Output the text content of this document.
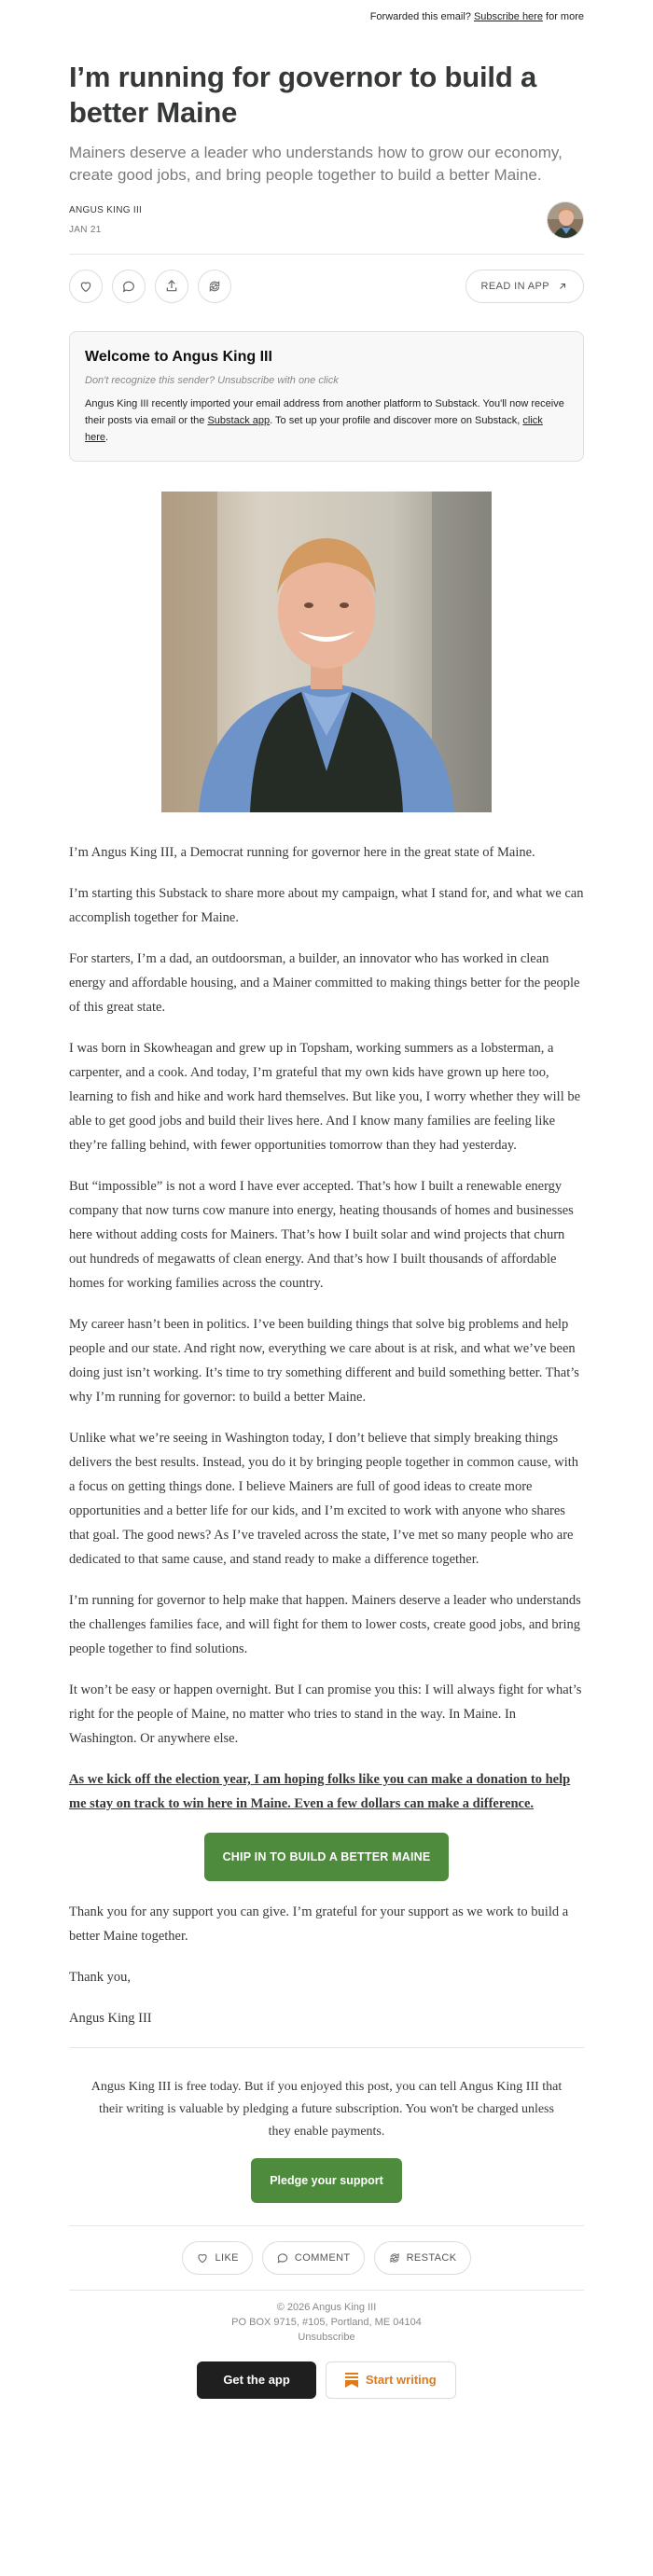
Forwarded this email? Subscribe here for more
I’m running for governor to build a better Maine
Mainers deserve a leader who understands how to grow our economy, create good jobs, and bring people together to build a better Maine.
ANGUS KING III
JAN 21
READ IN APP
Welcome to Angus King III
Don't recognize this sender? Unsubscribe with one click
Angus King III recently imported your email address from another platform to Substack. You'll now receive their posts via email or the Substack app. To set up your profile and discover more on Substack, click here.

I’m Angus King III, a Democrat running for governor here in the great state of Maine.

I’m starting this Substack to share more about my campaign, what I stand for, and what we can accomplish together for Maine.

For starters, I’m a dad, an outdoorsman, a builder, an innovator who has worked in clean energy and affordable housing, and a Mainer committed to making things better for the people of this great state.

I was born in Skowheagan and grew up in Topsham, working summers as a lobsterman, a carpenter, and a cook. And today, I’m grateful that my own kids have grown up here too, learning to fish and hike and work hard themselves. But like you, I worry whether they will be able to get good jobs and build their lives here. And I know many families are feeling like they’re falling behind, with fewer opportunities tomorrow than they had yesterday.

But “impossible” is not a word I have ever accepted. That’s how I built a renewable energy company that now turns cow manure into energy, heating thousands of homes and businesses here without adding costs for Mainers. That’s how I built solar and wind projects that churn out hundreds of megawatts of clean energy. And that’s how I built thousands of affordable homes for working families across the country.

My career hasn’t been in politics. I’ve been building things that solve big problems and help people and our state. And right now, everything we care about is at risk, and what we’ve been doing just isn’t working. It’s time to try something different and build something better. That’s why I’m running for governor: to build a better Maine.

Unlike what we’re seeing in Washington today, I don’t believe that simply breaking things delivers the best results. Instead, you do it by bringing people together in common cause, with a focus on getting things done. I believe Mainers are full of good ideas to create more opportunities and a better life for our kids, and I’m excited to work with anyone who shares that goal. The good news? As I’ve traveled across the state, I’ve met so many people who are dedicated to that same cause, and stand ready to make a difference together.

I’m running for governor to help make that happen. Mainers deserve a leader who understands the challenges families face, and will fight for them to lower costs, create good jobs, and bring people together to find solutions.

It won’t be easy or happen overnight. But I can promise you this: I will always fight for what’s right for the people of Maine, no matter who tries to stand in the way. In Maine. In Washington. Or anywhere else.

As we kick off the election year, I am hoping folks like you can make a donation to help me stay on track to win here in Maine. Even a few dollars can make a difference.

CHIP IN TO BUILD A BETTER MAINE

Thank you for any support you can give. I’m grateful for your support as we work to build a better Maine together.

Thank you,

Angus King III

Angus King III is free today. But if you enjoyed this post, you can tell Angus King III that their writing is valuable by pledging a future subscription. You won't be charged unless they enable payments.
Pledge your support
LIKE	COMMENT	RESTACK
© 2026 Angus King III
PO BOX 9715, #105, Portland, ME 04104
Unsubscribe
Get the app	Start writing
